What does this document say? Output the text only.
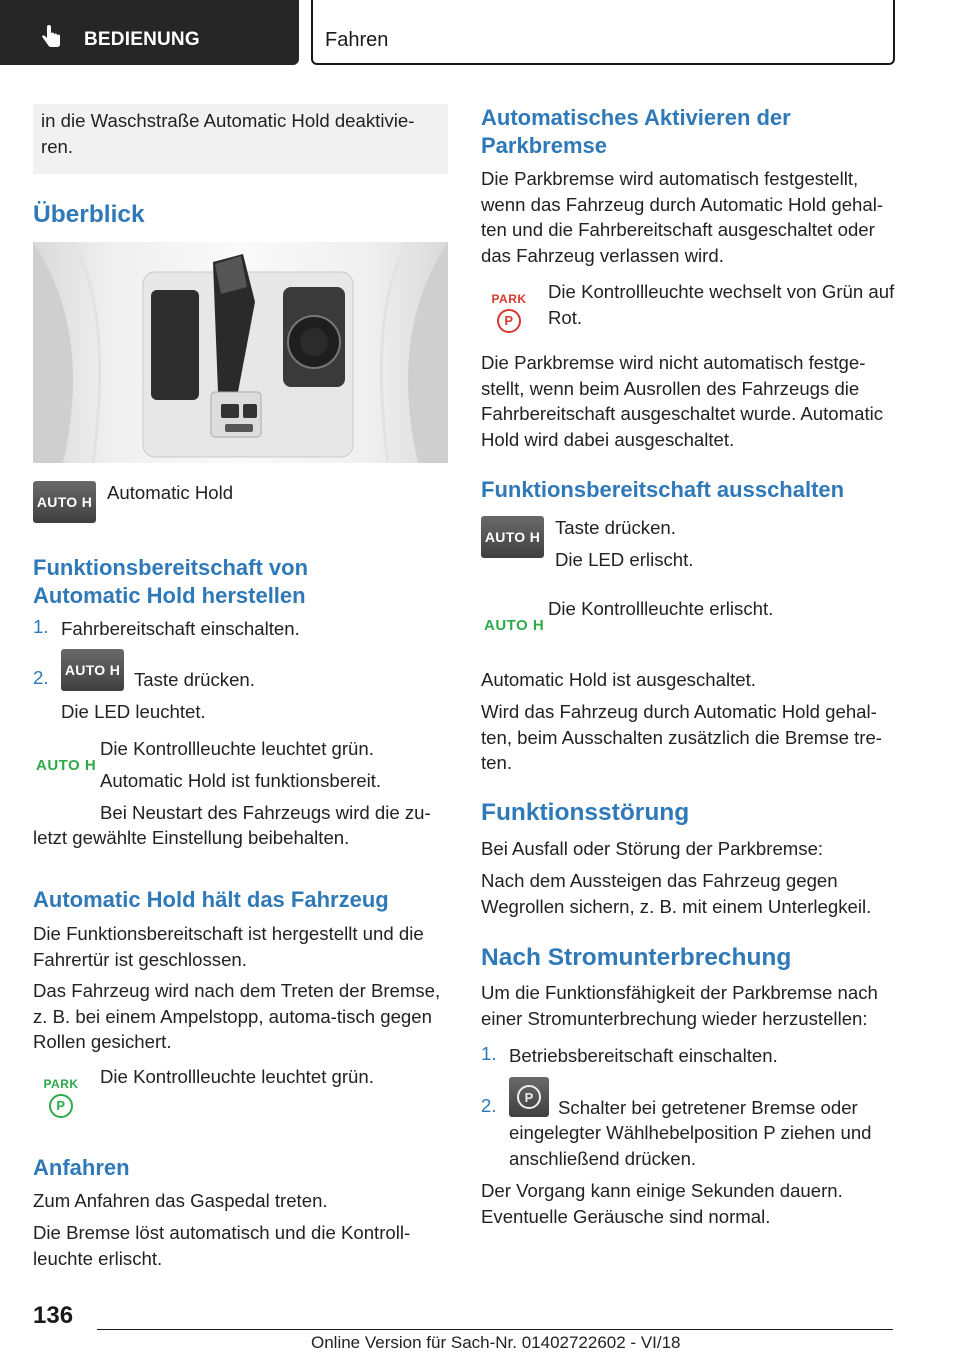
BEDIENUNG	Fahren

in die Waschstraße Automatic Hold deaktivie-ren.

Überblick
AUTO H Automatic Hold

Funktionsbereitschaft von
Automatic Hold herstellen
1. Fahrbereitschaft einschalten.

2. AUTO H Taste drücken.

Die LED leuchtet.

AUTO H

Die Kontrollleuchte leuchtet grün.

Automatic Hold ist funktionsbereit.

Bei Neustart des Fahrzeugs wird die zu-

letzt gewählte Einstellung beibehalten.

Automatic Hold hält das Fahrzeug

Die Funktionsbereitschaft ist hergestellt und die Fahrertür ist geschlossen.

Das Fahrzeug wird nach dem Treten der Bremse, z. B. bei einem Ampelstopp, automa-tisch gegen Rollen gesichert.

PARK
P

Die Kontrollleuchte leuchtet grün.

Anfahren

Zum Anfahren das Gaspedal treten.

Die Bremse löst automatisch und die Kontroll-leuchte erlischt.

Automatisches Aktivieren der
Parkbremse

Die Parkbremse wird automatisch festgestellt, wenn das Fahrzeug durch Automatic Hold gehal-ten und die Fahrbereitschaft ausgeschaltet oder das Fahrzeug verlassen wird.

PARK
P

Die Kontrollleuchte wechselt von Grün auf Rot.

Die Parkbremse wird nicht automatisch festge-stellt, wenn beim Ausrollen des Fahrzeugs die Fahrbereitschaft ausgeschaltet wurde. Automatic Hold wird dabei ausgeschaltet.

Funktionsbereitschaft ausschalten
AUTO H Taste drücken.

Die LED erlischt.

AUTO H

Die Kontrollleuchte erlischt.

Automatic Hold ist ausgeschaltet.

Wird das Fahrzeug durch Automatic Hold gehal-ten, beim Ausschalten zusätzlich die Bremse tre-ten.

Funktionsstörung

Bei Ausfall oder Störung der Parkbremse:

Nach dem Aussteigen das Fahrzeug gegen Wegrollen sichern, z. B. mit einem Unterlegkeil.

Nach Stromunterbrechung

Um die Funktionsfähigkeit der Parkbremse nach einer Stromunterbrechung wieder herzustellen:

1. Betriebsbereitschaft einschalten.

2. P Schalter bei getretener Bremse oder

eingelegter Wählhebelposition P ziehen und anschließend drücken.

Der Vorgang kann einige Sekunden dauern. Eventuelle Geräusche sind normal.

136
Online Version für Sach-Nr. 01402722602 - VI/18
